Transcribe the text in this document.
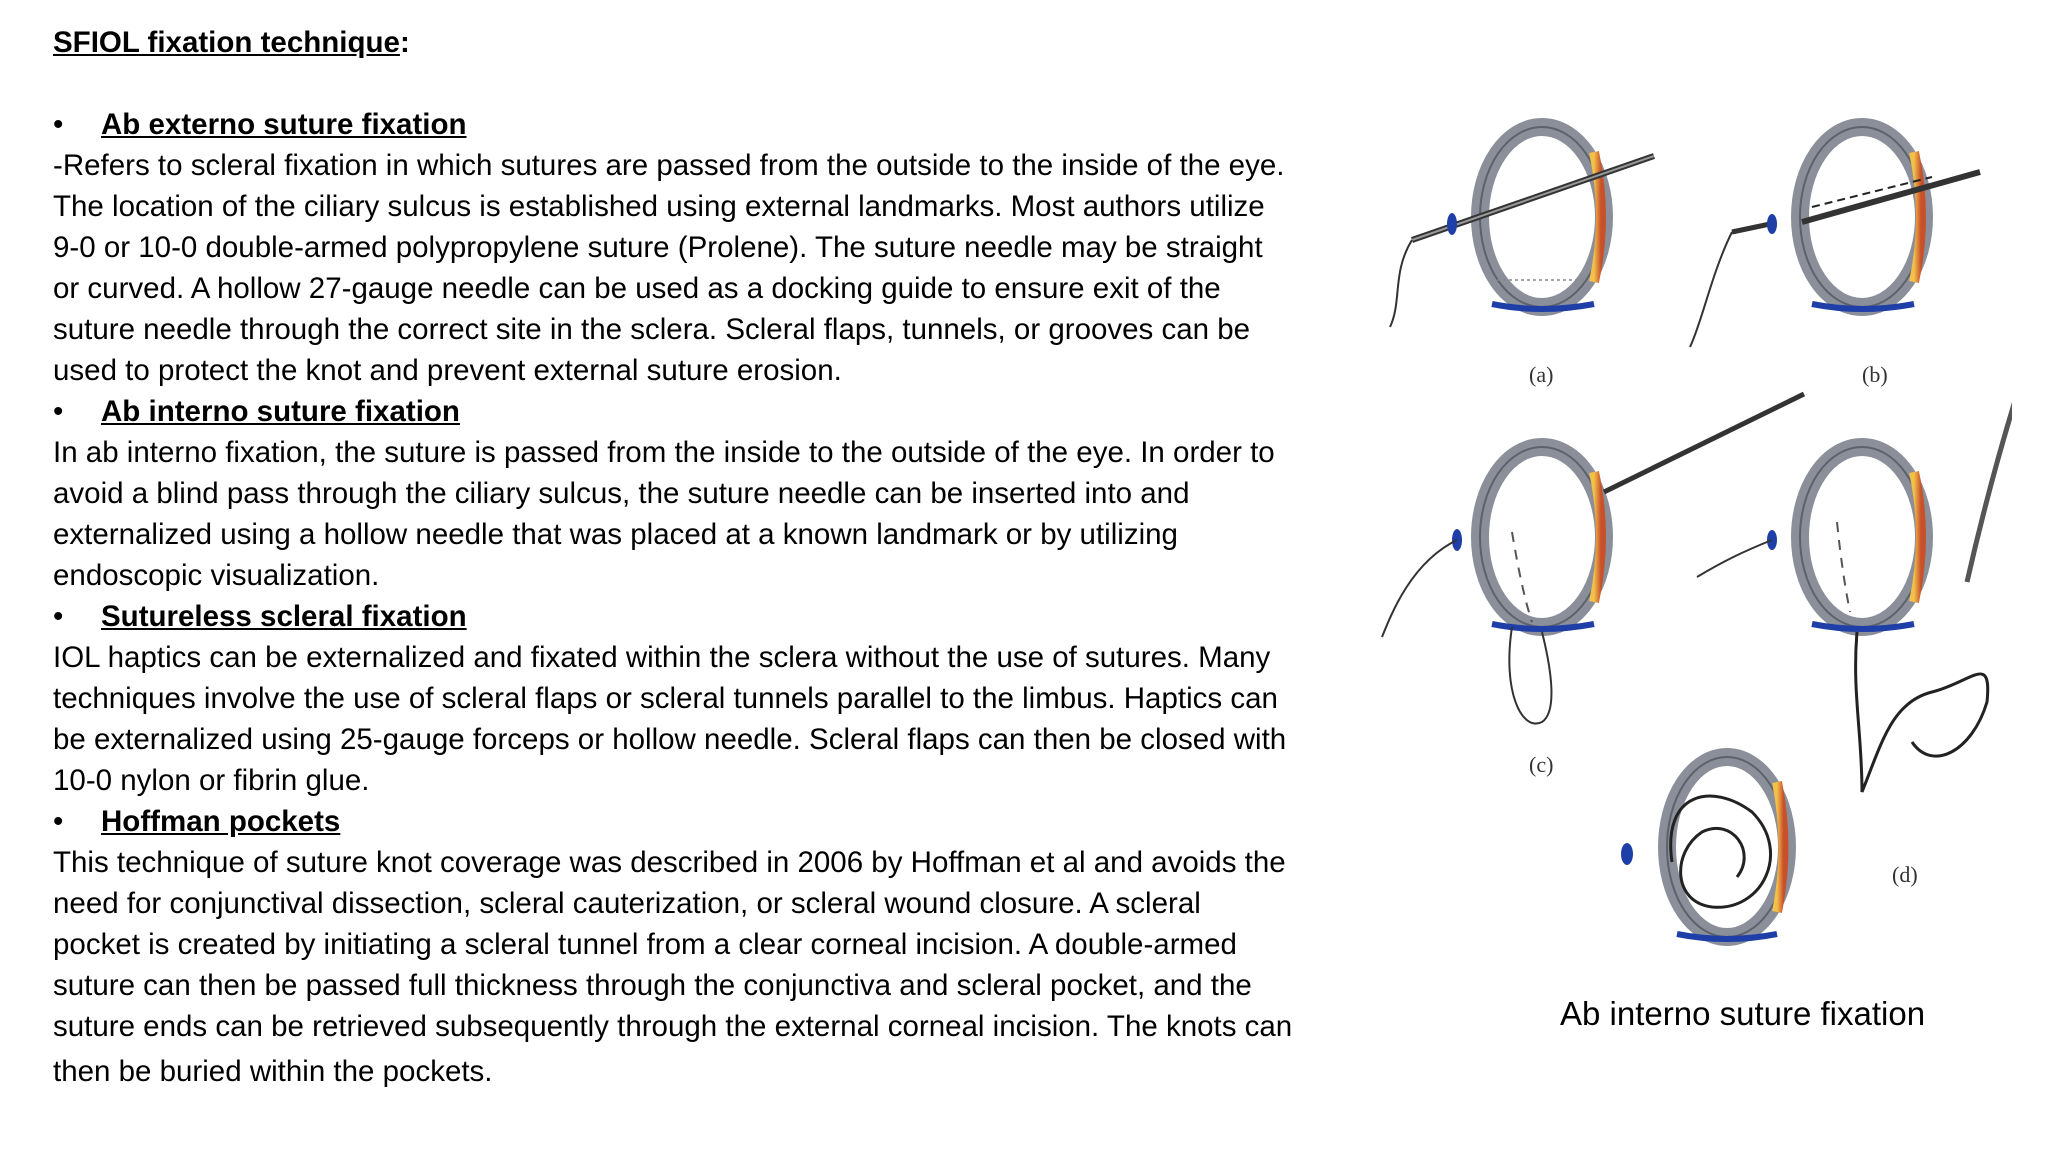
SFIOL fixation technique:
•	Ab externo suture fixation
-Refers to scleral fixation in which sutures are passed from the outside to the inside of the eye.
The location of the ciliary sulcus is established using external landmarks. Most authors utilize
9-0 or 10-0 double-armed polypropylene suture (Prolene). The suture needle may be straight
or curved. A hollow 27-gauge needle can be used as a docking guide to ensure exit of the
suture needle through the correct site in the sclera. Scleral flaps, tunnels, or grooves can be
used to protect the knot and prevent external suture erosion.
•	Ab interno suture fixation
In ab interno fixation, the suture is passed from the inside to the outside of the eye. In order to
avoid a blind pass through the ciliary sulcus, the suture needle can be inserted into and
externalized using a hollow needle that was placed at a known landmark or by utilizing
endoscopic visualization.
•	Sutureless scleral fixation
IOL haptics can be externalized and fixated within the sclera without the use of sutures. Many
techniques involve the use of scleral flaps or scleral tunnels parallel to the limbus. Haptics can
be externalized using 25-gauge forceps or hollow needle. Scleral flaps can then be closed with
10-0 nylon or fibrin glue.
•	Hoffman pockets
This technique of suture knot coverage was described in 2006 by Hoffman et al and avoids the
need for conjunctival dissection, scleral cauterization, or scleral wound closure. A scleral
pocket is created by initiating a scleral tunnel from a clear corneal incision. A double-armed
suture can then be passed full thickness through the conjunctiva and scleral pocket, and the
suture ends can be retrieved subsequently through the external corneal incision. The knots can
then be buried within the pockets.
(a)	(b)
(c)
(d)
Ab interno suture fixation
